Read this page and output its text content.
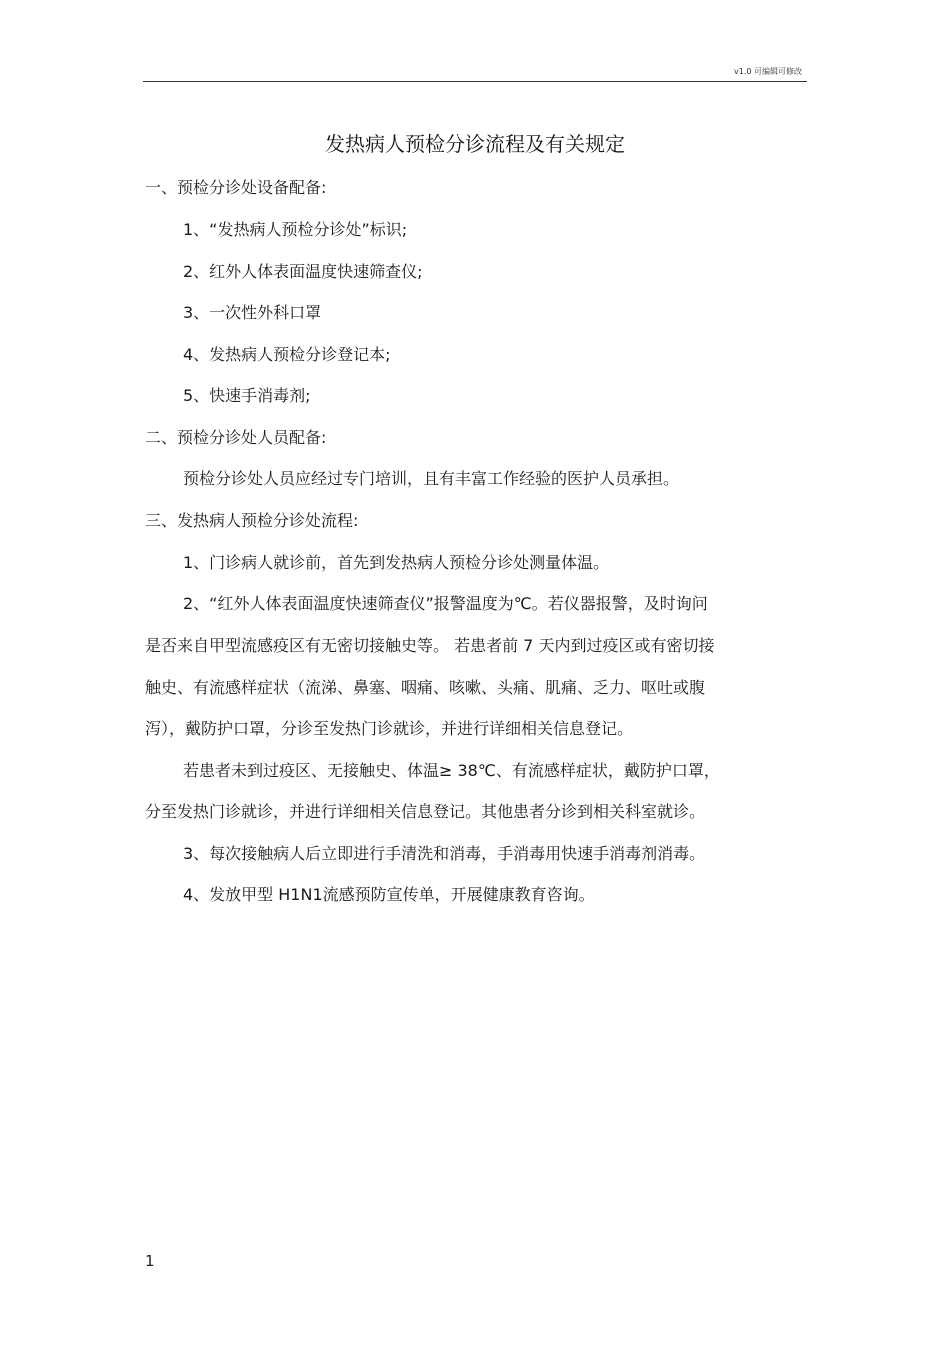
v1.0 可编辑可修改
发热病人预检分诊流程及有关规定
一、预检分诊处设备配备:
1、“发热病人预检分诊处”标识;
2、红外人体表面温度快速筛查仪;
3、一次性外科口罩
4、发热病人预检分诊登记本;
5、快速手消毒剂;
二、预检分诊处人员配备:
预检分诊处人员应经过专门培训，且有丰富工作经验的医护人员承担。
三、发热病人预检分诊处流程:
1、门诊病人就诊前，首先到发热病人预检分诊处测量体温。
2、“红外人体表面温度快速筛查仪”报警温度为℃。若仪器报警，及时询问
是否来自甲型流感疫区有无密切接触史等。 若患者前 7 天内到过疫区或有密切接
触史、有流感样症状（流涕、鼻塞、咽痛、咳嗽、头痛、肌痛、乏力、呕吐或腹
泻），戴防护口罩，分诊至发热门诊就诊，并进行详细相关信息登记。
若患者未到过疫区、无接触史、体温≥ 38℃、有流感样症状，戴防护口罩，
分至发热门诊就诊，并进行详细相关信息登记。其他患者分诊到相关科室就诊。
3、每次接触病人后立即进行手清洗和消毒，手消毒用快速手消毒剂消毒。
4、发放甲型 H1N1流感预防宣传单，开展健康教育咨询。
1
